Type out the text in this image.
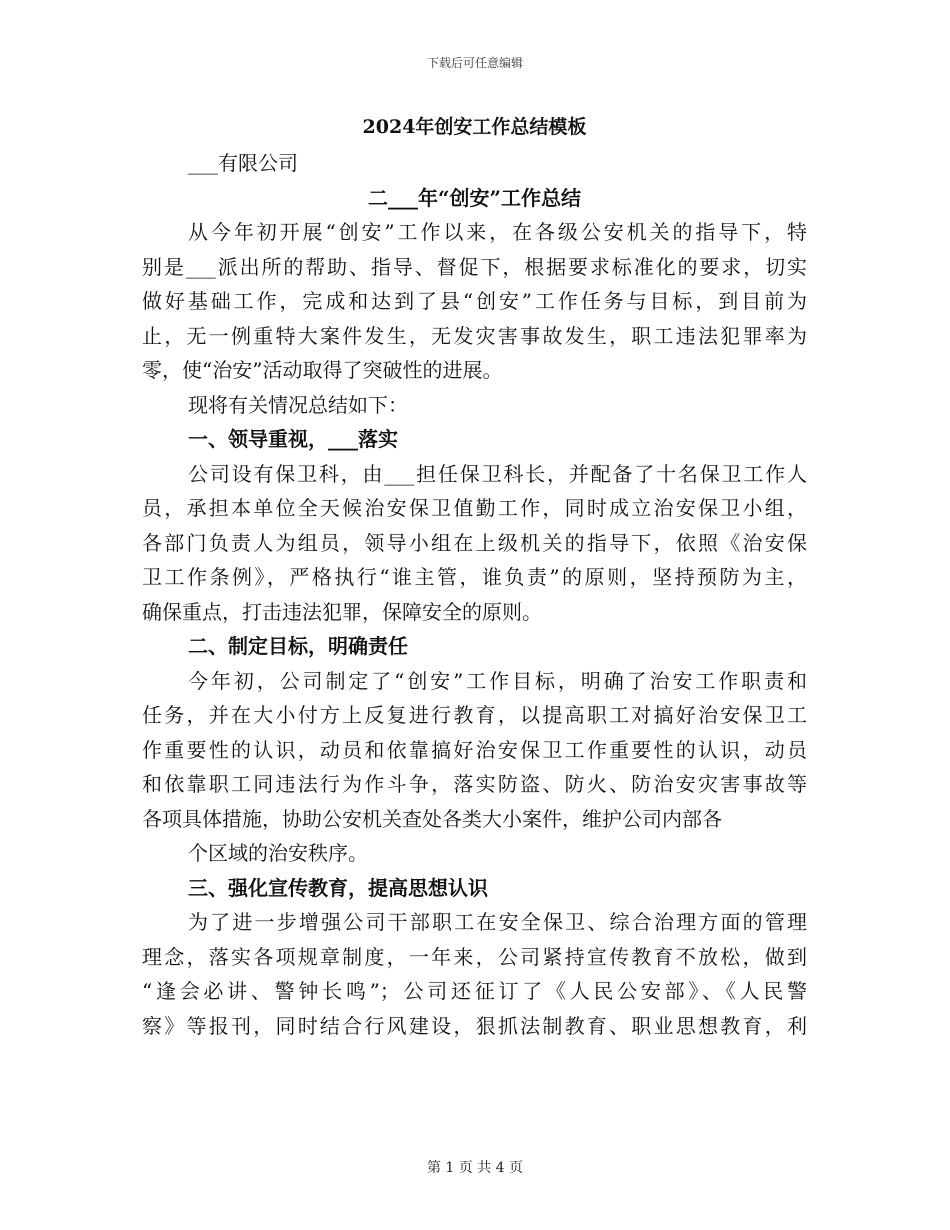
下载后可任意编辑
2024年创安工作总结模板
___有限公司
二___年“创安”工作总结
从今年初开展“创安”工作以来，在各级公安机关的指导下，特
别是___派出所的帮助、指导、督促下，根据要求标准化的要求，切实
做好基础工作，完成和达到了县“创安”工作任务与目标，到目前为
止，无一例重特大案件发生，无发灾害事故发生，职工违法犯罪率为
零，使“治安”活动取得了突破性的进展。
现将有关情况总结如下：
一、领导重视，___落实
公司设有保卫科，由___担任保卫科长，并配备了十名保卫工作人
员，承担本单位全天候治安保卫值勤工作，同时成立治安保卫小组，
各部门负责人为组员，领导小组在上级机关的指导下，依照《治安保
卫工作条例》，严格执行“谁主管，谁负责”的原则，坚持预防为主，
确保重点，打击违法犯罪，保障安全的原则。
二、制定目标，明确责任
今年初，公司制定了“创安”工作目标，明确了治安工作职责和
任务，并在大小付方上反复进行教育，以提高职工对搞好治安保卫工
作重要性的认识，动员和依靠搞好治安保卫工作重要性的认识，动员
和依靠职工同违法行为作斗争，落实防盗、防火、防治安灾害事故等
各项具体措施，协助公安机关查处各类大小案件，维护公司内部各
个区域的治安秩序。
三、强化宣传教育，提高思想认识
为了进一步增强公司干部职工在安全保卫、综合治理方面的管理
理念，落实各项规章制度，一年来，公司紧持宣传教育不放松，做到
“逢会必讲、警钟长鸣”；公司还征订了《人民公安部》、《人民警
察》等报刊，同时结合行风建设，狠抓法制教育、职业思想教育，利
第 1 页 共 4 页
